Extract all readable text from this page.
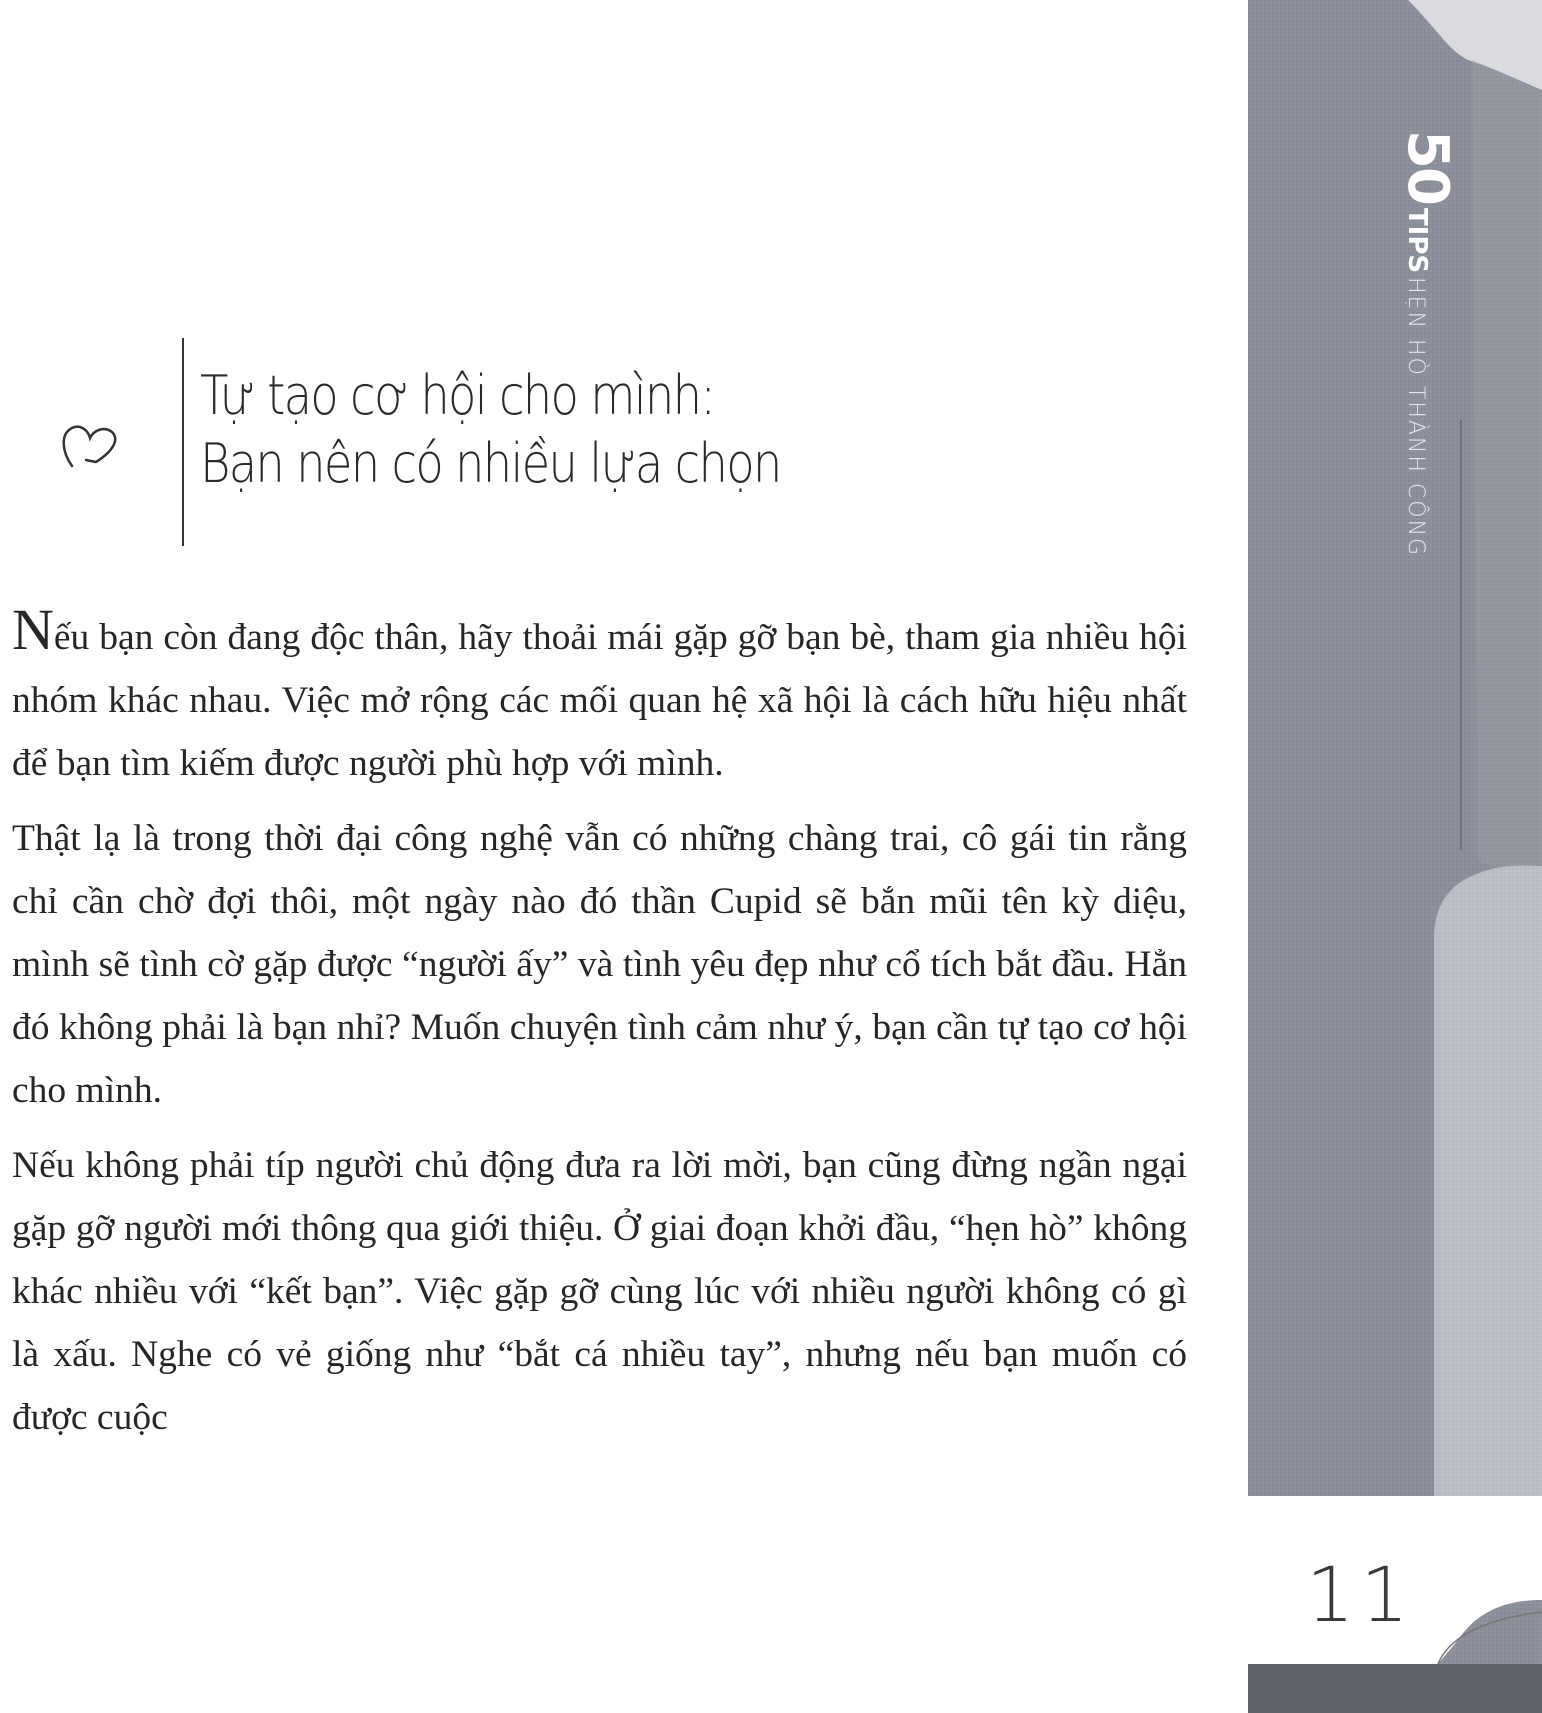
Tự tạo cơ hội cho mình:
Bạn nên có nhiều lựa chọn

Nếu bạn còn đang độc thân, hãy thoải mái gặp gỡ bạn bè, tham gia nhiều hội nhóm khác nhau. Việc mở rộng các mối quan hệ xã hội là cách hữu hiệu nhất để bạn tìm kiếm được người phù hợp với mình.

Thật lạ là trong thời đại công nghệ vẫn có những chàng trai, cô gái tin rằng chỉ cần chờ đợi thôi, một ngày nào đó thần Cupid sẽ bắn mũi tên kỳ diệu, mình sẽ tình cờ gặp được “người ấy” và tình yêu đẹp như cổ tích bắt đầu. Hẳn đó không phải là bạn nhỉ? Muốn chuyện tình cảm như ý, bạn cần tự tạo cơ hội cho mình.

Nếu không phải típ người chủ động đưa ra lời mời, bạn cũng đừng ngần ngại gặp gỡ người mới thông qua giới thiệu. Ở giai đoạn khởi đầu, “hẹn hò” không khác nhiều với “kết bạn”. Việc gặp gỡ cùng lúc với nhiều người không có gì là xấu. Nghe có vẻ giống như “bắt cá nhiều tay”, nhưng nếu bạn muốn có được cuộc

50TIPSHẸN HÒ THÀNH CÔNG
11
